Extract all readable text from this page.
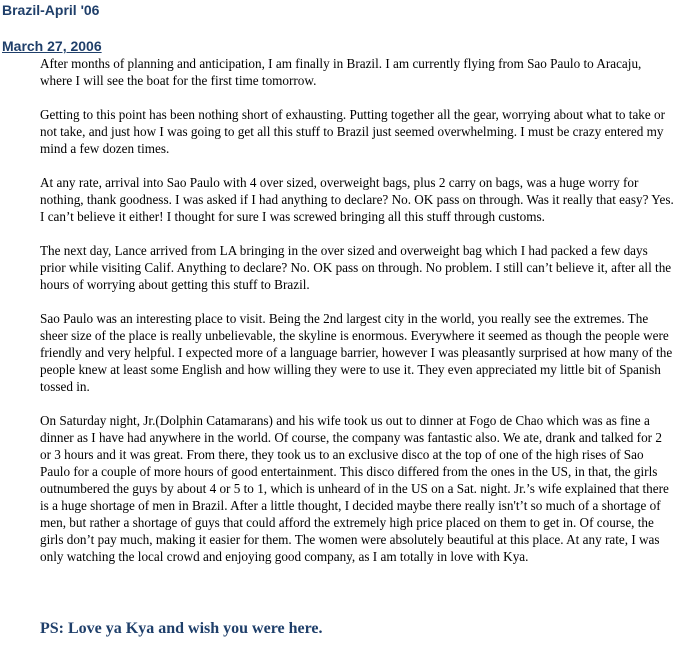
Brazil-April '06
March 27, 2006

After months of planning and anticipation, I am finally in Brazil. I am currently flying from Sao Paulo to Aracaju, where I will see the boat for the first time tomorrow.

Getting to this point has been nothing short of exhausting. Putting together all the gear, worrying about what to take or not take, and just how I was going to get all this stuff to Brazil just seemed overwhelming. I must be crazy entered my mind a few dozen times.

At any rate, arrival into Sao Paulo with 4 over sized, overweight bags, plus 2 carry on bags, was a huge worry for nothing, thank goodness. I was asked if I had anything to declare? No. OK pass on through. Was it really that easy? Yes. I can’t believe it either! I thought for sure I was screwed bringing all this stuff through customs.

The next day, Lance arrived from LA bringing in the over sized and overweight bag which I had packed a few days prior while visiting Calif. Anything to declare? No. OK pass on through. No problem. I still can’t believe it, after all the hours of worrying about getting this stuff to Brazil.

Sao Paulo was an interesting place to visit. Being the 2nd largest city in the world, you really see the extremes. The sheer size of the place is really unbelievable, the skyline is enormous. Everywhere it seemed as though the people were friendly and very helpful. I expected more of a language barrier, however I was pleasantly surprised at how many of the people knew at least some English and how willing they were to use it. They even appreciated my little bit of Spanish tossed in.

On Saturday night, Jr.(Dolphin Catamarans) and his wife took us out to dinner at Fogo de Chao which was as fine a dinner as I have had anywhere in the world. Of course, the company was fantastic also. We ate, drank and talked for 2 or 3 hours and it was great. From there, they took us to an exclusive disco at the top of one of the high rises of Sao Paulo for a couple of more hours of good entertainment. This disco differed from the ones in the US, in that, the girls outnumbered the guys by about 4 or 5 to 1, which is unheard of in the US on a Sat. night. Jr.’s wife explained that there is a huge shortage of men in Brazil. After a little thought, I decided maybe there really isn't’t so much of a shortage of men, but rather a shortage of guys that could afford the extremely high price placed on them to get in. Of course, the girls don’t pay much, making it easier for them. The women were absolutely beautiful at this place. At any rate, I was only watching the local crowd and enjoying good company, as I am totally in love with Kya.

PS: Love ya Kya and wish you were here.
